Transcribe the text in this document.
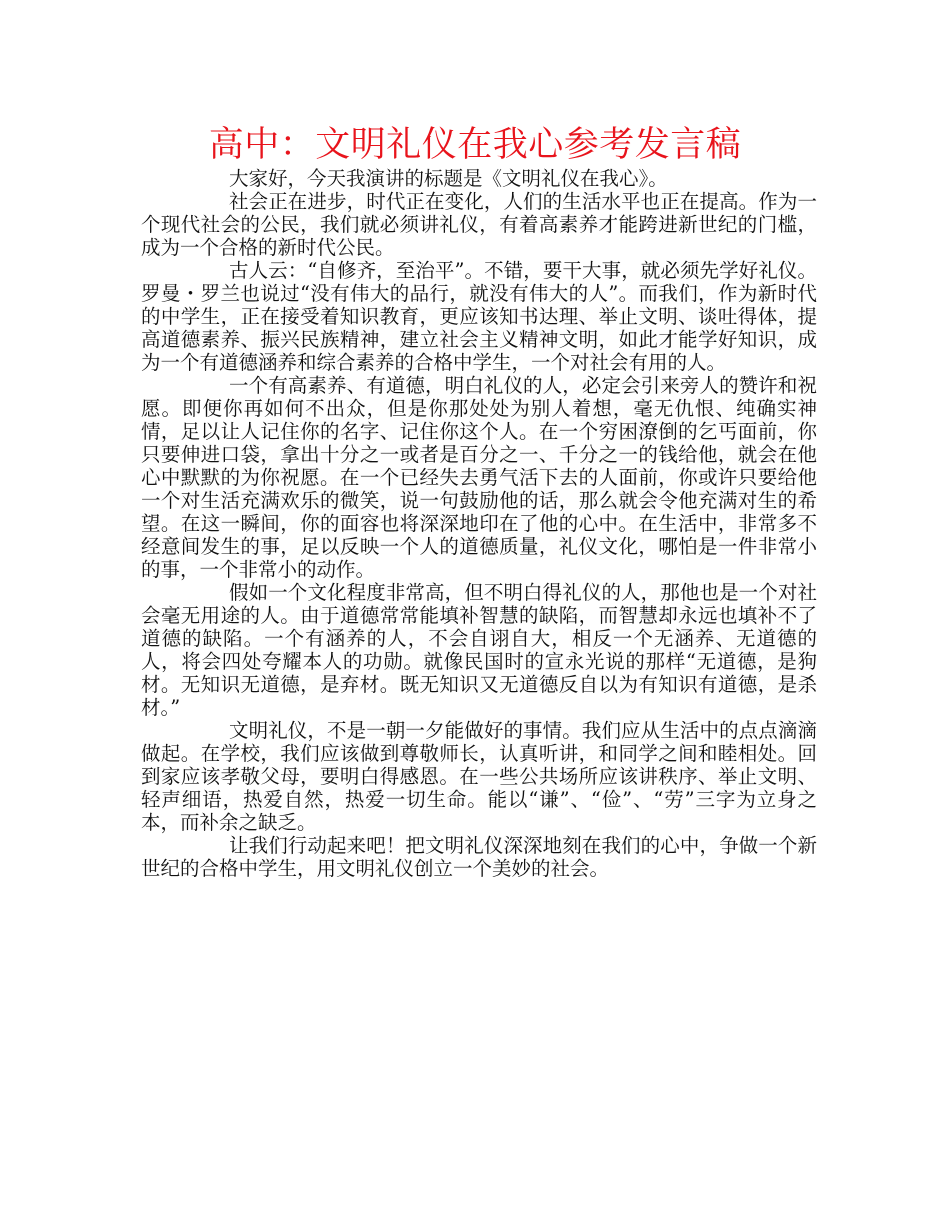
高中：文明礼仪在我心参考发言稿

大家好，今天我演讲的标题是《文明礼仪在我心》。

社会正在进步，时代正在变化，人们的生活水平也正在提高。作为一个现代社会的公民，我们就必须讲礼仪，有着高素养才能跨进新世纪的门槛，成为一个合格的新时代公民。

古人云：“自修齐，至治平”。不错，要干大事，就必须先学好礼仪。罗曼・罗兰也说过“没有伟大的品行，就没有伟大的人”。而我们，作为新时代的中学生，正在接受着知识教育，更应该知书达理、举止文明、谈吐得体，提高道德素养、振兴民族精神，建立社会主义精神文明，如此才能学好知识，成为一个有道德涵养和综合素养的合格中学生，一个对社会有用的人。

一个有高素养、有道德，明白礼仪的人，必定会引来旁人的赞许和祝愿。即便你再如何不出众，但是你那处处为别人着想，毫无仇恨、纯确实神情，足以让人记住你的名字、记住你这个人。在一个穷困潦倒的乞丐面前，你只要伸进口袋，拿出十分之一或者是百分之一、千分之一的钱给他，就会在他心中默默的为你祝愿。在一个已经失去勇气活下去的人面前，你或许只要给他一个对生活充满欢乐的微笑，说一句鼓励他的话，那么就会令他充满对生的希望。在这一瞬间，你的面容也将深深地印在了他的心中。在生活中，非常多不经意间发生的事，足以反映一个人的道德质量，礼仪文化，哪怕是一件非常小的事，一个非常小的动作。

假如一个文化程度非常高，但不明白得礼仪的人，那他也是一个对社会毫无用途的人。由于道德常常能填补智慧的缺陷，而智慧却永远也填补不了道德的缺陷。一个有涵养的人，不会自诩自大，相反一个无涵养、无道德的人，将会四处夸耀本人的功勋。就像民国时的宣永光说的那样“无道德，是狗材。无知识无道德，是弃材。既无知识又无道德反自以为有知识有道德，是杀材。”

文明礼仪，不是一朝一夕能做好的事情。我们应从生活中的点点滴滴做起。在学校，我们应该做到尊敬师长，认真听讲，和同学之间和睦相处。回到家应该孝敬父母，要明白得感恩。在一些公共场所应该讲秩序、举止文明、轻声细语，热爱自然，热爱一切生命。能以“谦”、“俭”、“劳”三字为立身之本，而补余之缺乏。

让我们行动起来吧！把文明礼仪深深地刻在我们的心中，争做一个新世纪的合格中学生，用文明礼仪创立一个美妙的社会。
